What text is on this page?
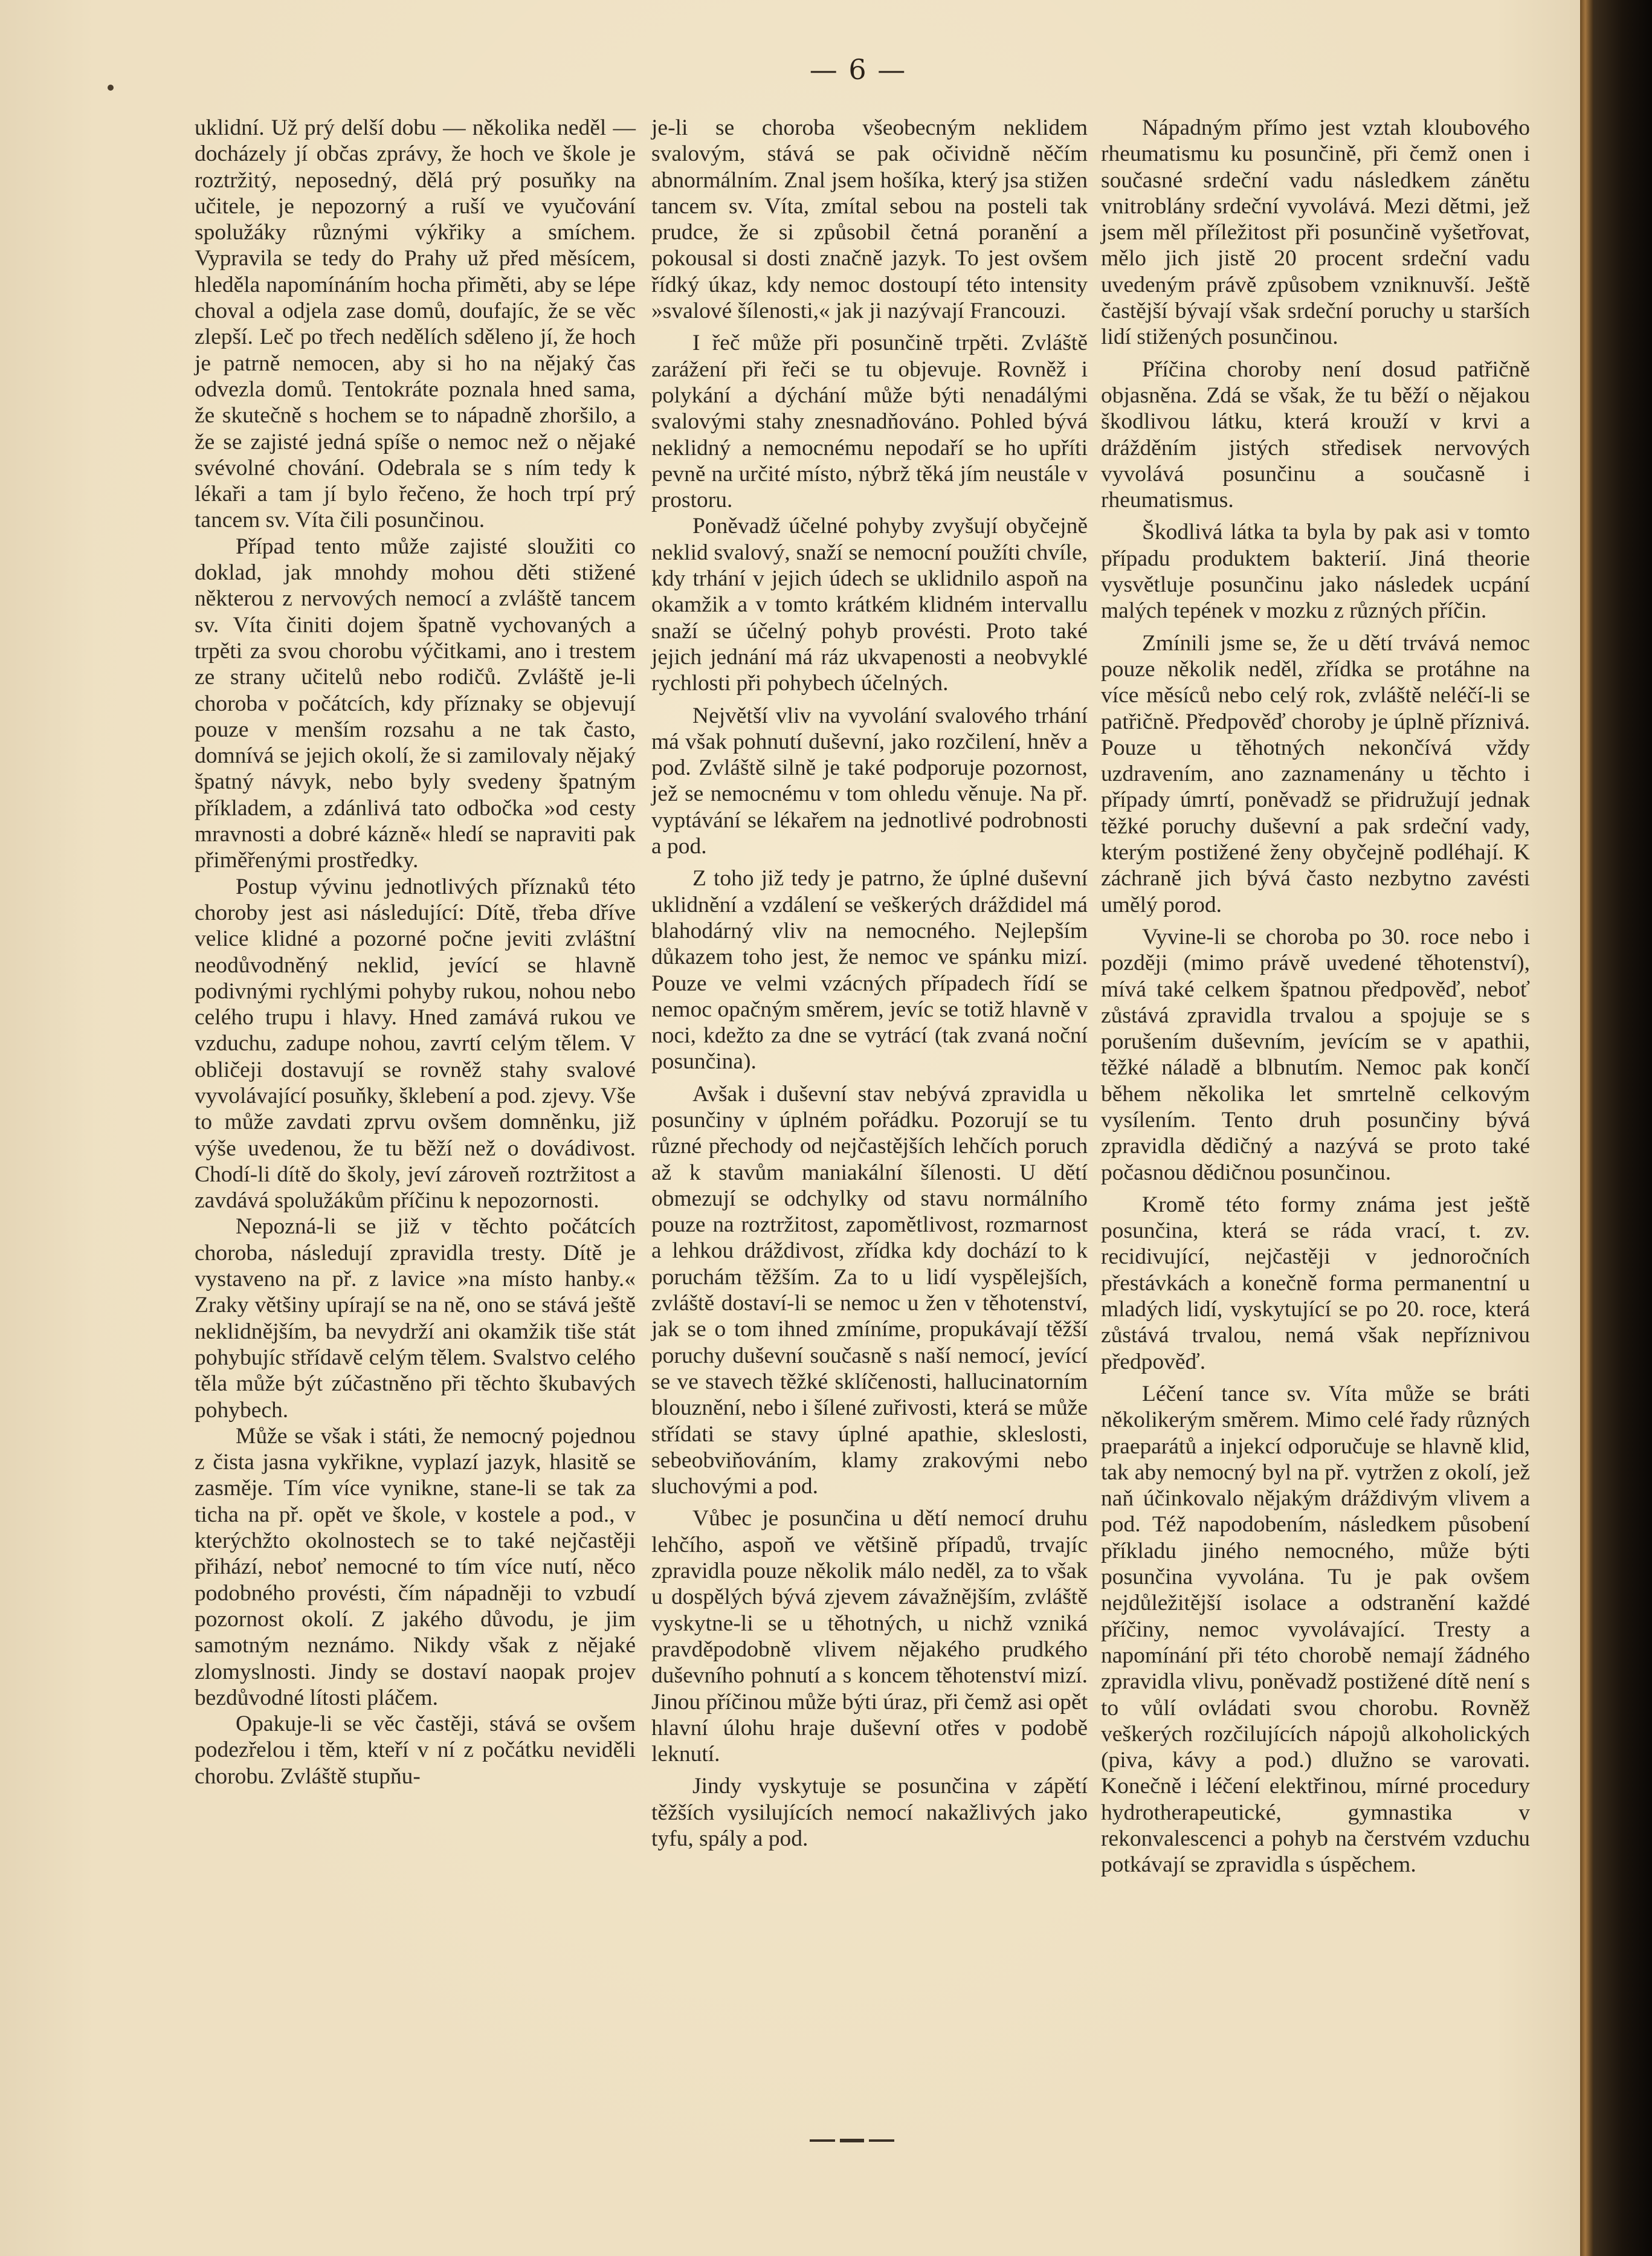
— 6 —

uklidní. Už prý delší dobu — několika neděl — docházely jí občas zprávy, že hoch ve škole je roztržitý, neposedný, dělá prý posuňky na učitele, je nepozorný a ruší ve vyučování spolužáky různými výkřiky a smíchem. Vypravila se tedy do Prahy už před měsícem, hleděla napomínáním hocha přiměti, aby se lépe choval a odjela zase domů, doufajíc, že se věc zlepší. Leč po třech nedělích sděleno jí, že hoch je patrně nemocen, aby si ho na nějaký čas odvezla domů. Tentokráte poznala hned sama, že skutečně s hochem se to nápadně zhoršilo, a že se zajisté jedná spíše o nemoc než o nějaké svévolné chování. Odebrala se s ním tedy k lékaři a tam jí bylo řečeno, že hoch trpí prý tancem sv. Víta čili posunčinou.

Případ tento může zajisté sloužiti co doklad, jak mnohdy mohou děti stižené některou z nervových nemocí a zvláště tancem sv. Víta činiti dojem špatně vychovaných a trpěti za svou chorobu výčitkami, ano i trestem ze strany učitelů nebo rodičů. Zvláště je-li choroba v počátcích, kdy příznaky se objevují pouze v menším rozsahu a ne tak často, domnívá se jejich okolí, že si zamilovaly nějaký špatný návyk, nebo byly svedeny špatným příkladem, a zdánlivá tato odbočka »od cesty mravnosti a dobré kázně« hledí se napraviti pak přiměřenými prostředky.

Postup vývinu jednotlivých příznaků této choroby jest asi následující: Dítě, třeba dříve velice klidné a pozorné počne jeviti zvláštní neodůvodněný neklid, jevící se hlavně podivnými rychlými pohyby rukou, nohou nebo celého trupu i hlavy. Hned zamává rukou ve vzduchu, zadupe nohou, zavrtí celým tělem. V obličeji dostavují se rovněž stahy svalové vyvolávající posuňky, šklebení a pod. zjevy. Vše to může zavdati zprvu ovšem domněnku, již výše uvedenou, že tu běží než o dovádivost. Chodí-li dítě do školy, jeví zároveň roztržitost a zavdává spolužákům příčinu k nepozornosti.

Nepozná-li se již v těchto počátcích choroba, následují zpravidla tresty. Dítě je vystaveno na př. z lavice »na místo hanby.« Zraky většiny upírají se na ně, ono se stává ještě neklidnějším, ba nevydrží ani okamžik tiše stát pohybujíc střídavě celým tělem. Svalstvo celého těla může být zúčastněno při těchto škubavých pohybech.

Může se však i státi, že nemocný pojednou z čista jasna vykřikne, vyplazí jazyk, hlasitě se zasměje. Tím více vynikne, stane-li se tak za ticha na př. opět ve škole, v kostele a pod., v kterýchžto okolnostech se to také nejčastěji přihází, neboť nemocné to tím více nutí, něco podobného provésti, čím nápadněji to vzbudí pozornost okolí. Z jakého důvodu, je jim samotným neznámo. Nikdy však z nějaké zlomyslnosti. Jindy se dostaví naopak projev bezdůvodné lítosti pláčem.

Opakuje-li se věc častěji, stává se ovšem podezřelou i těm, kteří v ní z počátku neviděli chorobu. Zvláště stupňu-

je-li se choroba všeobecným neklidem svalovým, stává se pak očividně něčím abnormálním. Znal jsem hošíka, který jsa stižen tancem sv. Víta, zmítal sebou na posteli tak prudce, že si způsobil četná poranění a pokousal si dosti značně jazyk. To jest ovšem řídký úkaz, kdy nemoc dostoupí této intensity »svalové šílenosti,« jak ji nazývají Francouzi.

I řeč může při posunčině trpěti. Zvláště zarážení při řeči se tu objevuje. Rovněž i polykání a dýchání může býti nenadálými svalovými stahy znesnadňováno. Pohled bývá neklidný a nemocnému nepodaří se ho upříti pevně na určité místo, nýbrž těká jím neustále v prostoru.

Poněvadž účelné pohyby zvyšují obyčejně neklid svalový, snaží se nemocní použíti chvíle, kdy trhání v jejich údech se uklidnilo aspoň na okamžik a v tomto krátkém klidném intervallu snaží se účelný pohyb provésti. Proto také jejich jednání má ráz ukvapenosti a neobvyklé rychlosti při pohybech účelných.

Největší vliv na vyvolání svalového trhání má však pohnutí duševní, jako rozčilení, hněv a pod. Zvláště silně je také podporuje pozornost, jež se nemocnému v tom ohledu věnuje. Na př. vyptávání se lékařem na jednotlivé podrobnosti a pod.

Z toho již tedy je patrno, že úplné duševní uklidnění a vzdálení se veškerých dráždidel má blahodárný vliv na nemocného. Nejlepším důkazem toho jest, že nemoc ve spánku mizí. Pouze ve velmi vzácných případech řídí se nemoc opačným směrem, jevíc se totiž hlavně v noci, kdežto za dne se vytrácí (tak zvaná noční posunčina).

Avšak i duševní stav nebývá zpravidla u posunčiny v úplném pořádku. Pozorují se tu různé přechody od nejčastějších lehčích poruch až k stavům maniakální šílenosti. U dětí obmezují se odchylky od stavu normálního pouze na roztržitost, zapomětlivost, rozmarnost a lehkou dráždivost, zřídka kdy dochází to k poruchám těžším. Za to u lidí vyspělejších, zvláště dostaví-li se nemoc u žen v těhotenství, jak se o tom ihned zmíníme, propukávají těžší poruchy duševní současně s naší nemocí, jevící se ve stavech těžké sklíčenosti, hallucinatorním blouznění, nebo i šílené zuřivosti, která se může střídati se stavy úplné apathie, skleslosti, sebeobviňováním, klamy zrakovými nebo sluchovými a pod.

Vůbec je posunčina u dětí nemocí druhu lehčího, aspoň ve většině případů, trvajíc zpravidla pouze několik málo neděl, za to však u dospělých bývá zjevem závažnějším, zvláště vyskytne-li se u těhotných, u nichž vzniká pravděpodobně vlivem nějakého prudkého duševního pohnutí a s koncem těhotenství mizí. Jinou příčinou může býti úraz, při čemž asi opět hlavní úlohu hraje duševní otřes v podobě leknutí.

Jindy vyskytuje se posunčina v zápětí těžších vysilujících nemocí nakažlivých jako tyfu, spály a pod.

Nápadným přímo jest vztah kloubového rheumatismu ku posunčině, při čemž onen i současné srdeční vadu následkem zánětu vnitroblány srdeční vyvolává. Mezi dětmi, jež jsem měl příležitost při posunčině vyšetřovat, mělo jich jistě 20 procent srdeční vadu uvedeným právě způsobem vzniknuvší. Ještě častější bývají však srdeční poruchy u starších lidí stižených posunčinou.

Příčina choroby není dosud patřičně objasněna. Zdá se však, že tu běží o nějakou škodlivou látku, která krouží v krvi a drážděním jistých středisek nervových vyvolává posunčinu a současně i rheumatismus.

Škodlivá látka ta byla by pak asi v tomto případu produktem bakterií. Jiná theorie vysvětluje posunčinu jako následek ucpání malých tepének v mozku z různých příčin.

Zmínili jsme se, že u dětí trvává nemoc pouze několik neděl, zřídka se protáhne na více měsíců nebo celý rok, zvláště neléčí-li se patřičně. Předpověď choroby je úplně příznivá. Pouze u těhotných nekončívá vždy uzdravením, ano zaznamenány u těchto i případy úmrtí, poněvadž se přidružují jednak těžké poruchy duševní a pak srdeční vady, kterým postižené ženy obyčejně podléhají. K záchraně jich bývá často nezbytno zavésti umělý porod.

Vyvine-li se choroba po 30. roce nebo i později (mimo právě uvedené těhotenství), mívá také celkem špatnou předpověď, neboť zůstává zpravidla trvalou a spojuje se s porušením duševním, jevícím se v apathii, těžké náladě a blbnutím. Nemoc pak končí během několika let smrtelně celkovým vysílením. Tento druh posunčiny bývá zpravidla dědičný a nazývá se proto také počasnou dědičnou posunčinou.

Kromě této formy známa jest ještě posunčina, která se ráda vrací, t. zv. recidivující, nejčastěji v jednoročních přestávkách a konečně forma permanentní u mladých lidí, vyskytující se po 20. roce, která zůstává trvalou, nemá však nepříznivou předpověď.

Léčení tance sv. Víta může se bráti několikerým směrem. Mimo celé řady různých praeparátů a injekcí odporučuje se hlavně klid, tak aby nemocný byl na př. vytržen z okolí, jež naň účinkovalo nějakým dráždivým vlivem a pod. Též napodobením, následkem působení příkladu jiného nemocného, může býti posunčina vyvolána. Tu je pak ovšem nejdůležitější isolace a odstranění každé příčiny, nemoc vyvolávající. Tresty a napomínání při této chorobě nemají žádného zpravidla vlivu, poněvadž postižené dítě není s to vůlí ovládati svou chorobu. Rovněž veškerých rozčilujících nápojů alkoholických (piva, kávy a pod.) dlužno se varovati. Konečně i léčení elektřinou, mírné procedury hydrotherapeutické, gymnastika v rekonvalescenci a pohyb na čerstvém vzduchu potkávají se zpravidla s úspěchem.
